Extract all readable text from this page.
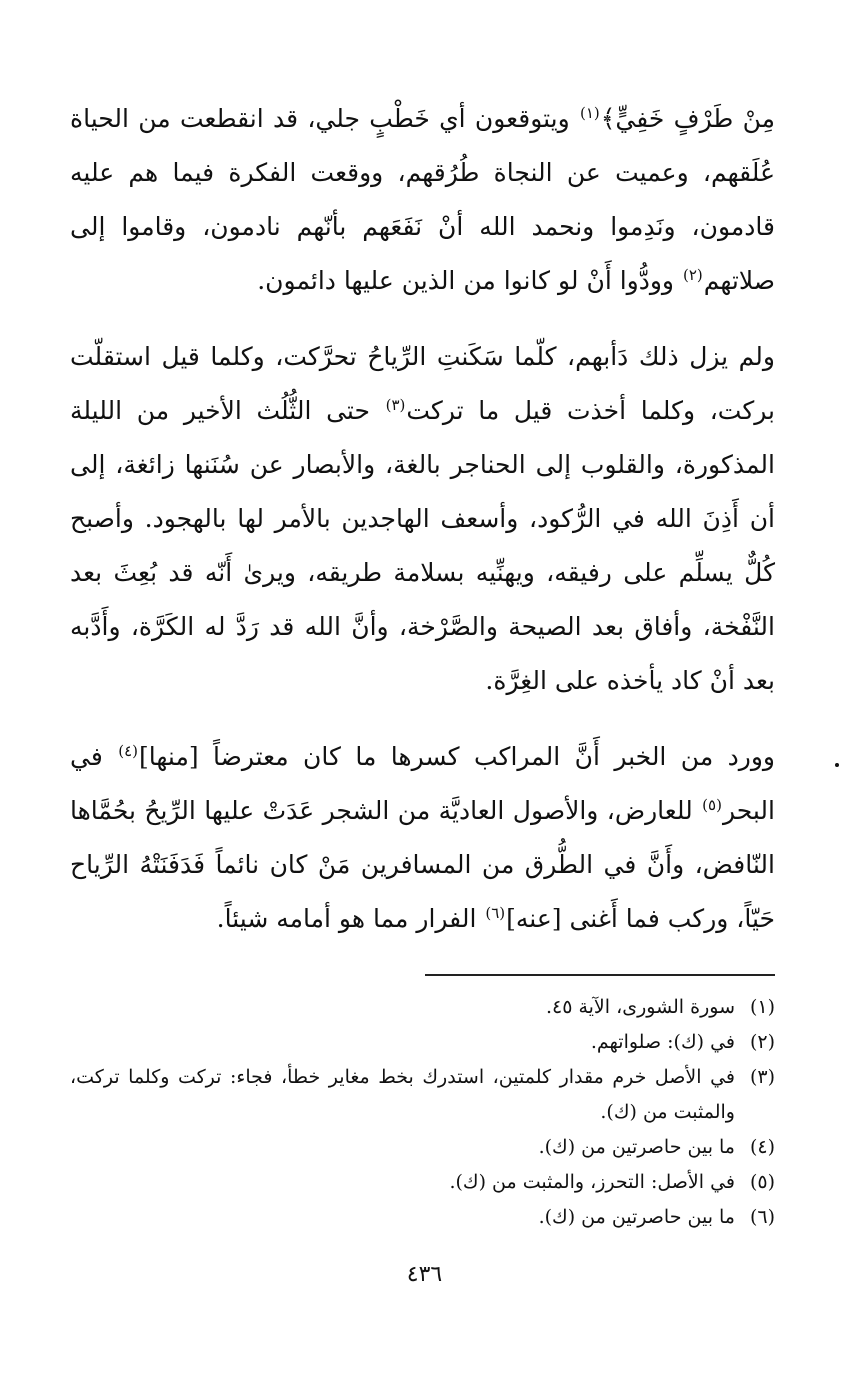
مِنْ طَرْفٍ خَفِيٍّ﴾$^{(١)}$ ويتوقعون أي خَطْبٍ جلي، قد انقطعت من الحياة عُلَقهم، وعميت عن النجاة طُرُقهم، ووقعت الفكرة فيما هم عليه قادمون، ونَدِموا ونحمد الله أنْ نَفَعَهم بأنّهم نادمون، وقاموا إلى صلاتهم$^{(٢)}$ وودُّوا أَنْ لو كانوا من الذين عليها دائمون.

ولم يزل ذلك دَأبهم، كلّما سَكَنتِ الرِّياحُ تحرَّكت، وكلما قيل استقلّت بركت، وكلما أخذت قيل ما تركت$^{(٣)}$ حتى الثُّلُث الأخير من الليلة المذكورة، والقلوب إلى الحناجر بالغة، والأبصار عن سُنَنها زائغة، إلى أن أَذِنَ الله في الرُّكود، وأسعف الهاجدين بالأمر لها بالهجود. وأصبح كُلٌّ يسلِّم على رفيقه، ويهنِّيه بسلامة طريقه، ويرىٰ أَنّه قد بُعِثَ بعد النَّفْخة، وأفاق بعد الصيحة والصَّرْخة، وأنَّ الله قد رَدَّ له الكَرَّة، وأَدَّبه بعد أنْ كاد يأخذه على الغِرَّة.

وورد من الخبر أَنَّ المراكب كسرها ما كان معترضاً [منها]$^{(٤)}$ في البحر$^{(٥)}$ للعارض، والأصول العاديَّة من الشجر عَدَتْ عليها الرِّيحُ بحُمَّاها النّافض، وأَنَّ في الطُّرق من المسافرين مَنْ كان نائماً فَدَفَنَتْهُ الرِّياح حَيّاً، وركب فما أَغنى [عنه]$^{(٦)}$ الفرار مما هو أمامه شيئاً.

(١)
سورة الشورى، الآية ٤٥.
(٢)
في (ك): صلواتهم.
(٣)
في الأصل خرم مقدار كلمتين، استدرك بخط مغاير خطأ، فجاء: تركت وكلما تركت، والمثبت من (ك).
(٤)
ما بين حاصرتين من (ك).
(٥)
في الأصل: التحرز، والمثبت من (ك).
(٦)
ما بين حاصرتين من (ك).
٤٣٦
